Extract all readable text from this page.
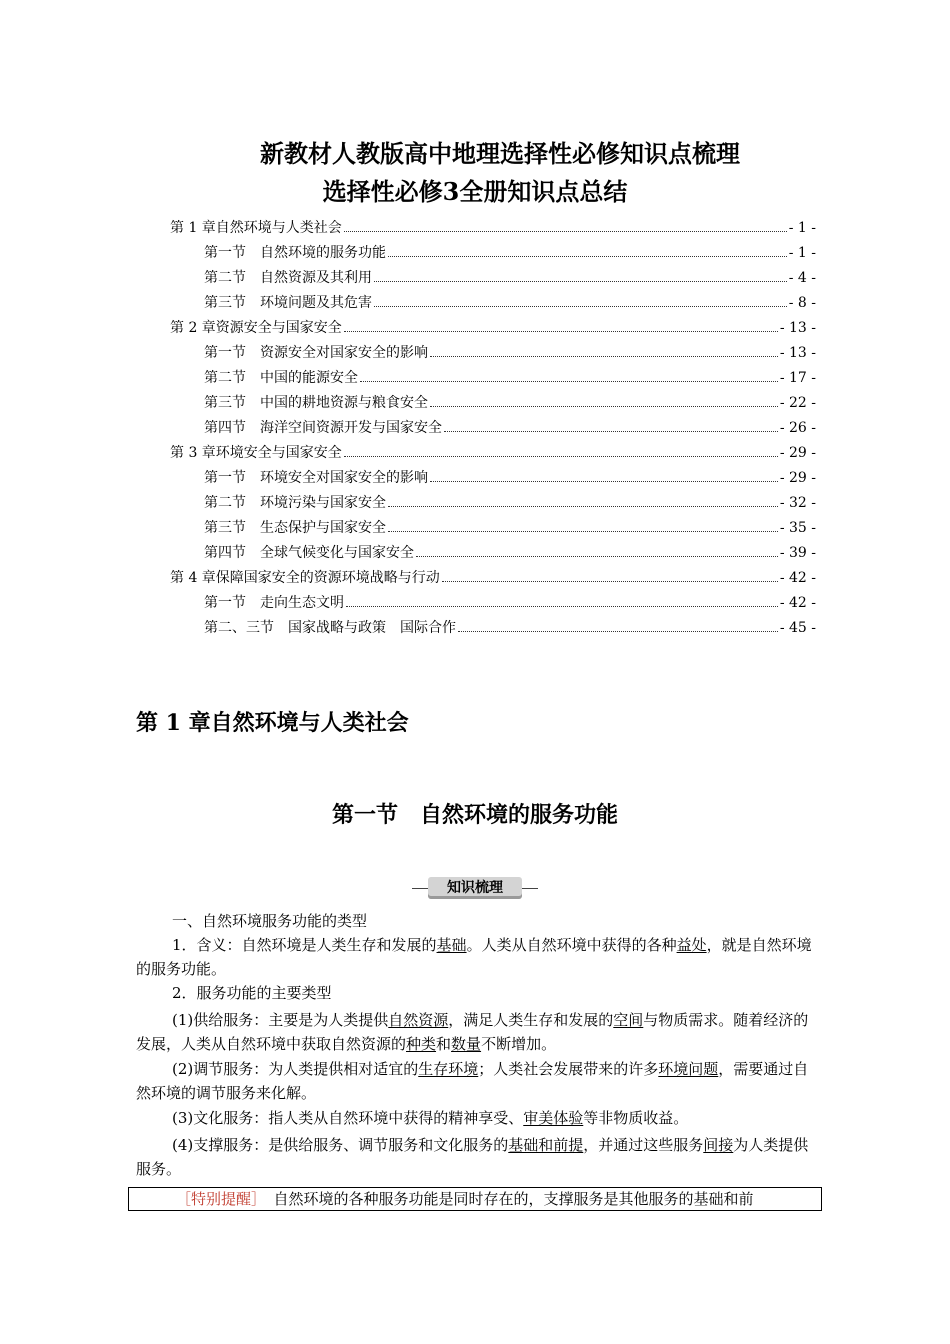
新教材人教版高中地理选择性必修知识点梳理
选择性必修3全册知识点总结
第 1 章自然环境与人类社会	- 1 -
第一节　自然环境的服务功能	- 1 -
第二节　自然资源及其利用	- 4 -
第三节　环境问题及其危害	- 8 -
第 2 章资源安全与国家安全	- 13 -
第一节　资源安全对国家安全的影响	- 13 -
第二节　中国的能源安全	- 17 -
第三节　中国的耕地资源与粮食安全	- 22 -
第四节　海洋空间资源开发与国家安全	- 26 -
第 3 章环境安全与国家安全	- 29 -
第一节　环境安全对国家安全的影响	- 29 -
第二节　环境污染与国家安全	- 32 -
第三节　生态保护与国家安全	- 35 -
第四节　全球气候变化与国家安全	- 39 -
第 4 章保障国家安全的资源环境战略与行动	- 42 -
第一节　走向生态文明	- 42 -
第二、三节　国家战略与政策　国际合作	- 45 -
第 1 章自然环境与人类社会
第一节　自然环境的服务功能
知识梳理
一、自然环境服务功能的类型
1．含义：自然环境是人类生存和发展的基础。人类从自然环境中获得的各种益处，就是自然环境的服务功能。
2．服务功能的主要类型
(1)供给服务：主要是为人类提供自然资源，满足人类生存和发展的空间与物质需求。随着经济的发展，人类从自然环境中获取自然资源的种类和数量不断增加。
(2)调节服务：为人类提供相对适宜的生存环境；人类社会发展带来的许多环境问题，需要通过自然环境的调节服务来化解。
(3)文化服务：指人类从自然环境中获得的精神享受、审美体验等非物质收益。
(4)支撑服务：是供给服务、调节服务和文化服务的基础和前提，并通过这些服务间接为人类提供服务。
［特别提醒］　自然环境的各种服务功能是同时存在的，支撑服务是其他服务的基础和前
